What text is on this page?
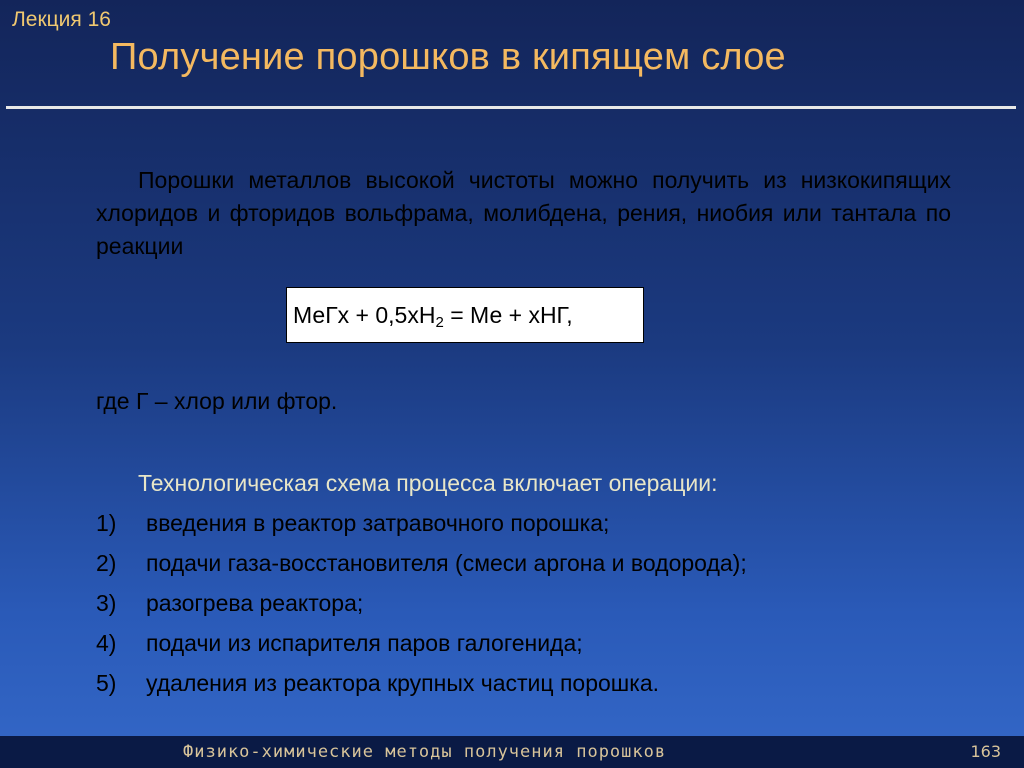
Лекция 16
Получение порошков в кипящем слое
Порошки металлов высокой чистоты можно получить из низкокипящих хлоридов и фторидов вольфрама, молибдена, рения, ниобия или тантала по реакции
МеГх + $0,5хН_2$ = Ме + хНГ,
где Г – хлор или фтор.
Технологическая схема процесса включает операции:
1)	введения в реактор затравочного порошка;
2)	подачи газа-восстановителя (смеси аргона и водорода);
3)	разогрева реактора;
4)	подачи из испарителя паров галогенида;
5)	удаления из реактора крупных частиц порошка.
Физико-химические методы получения порошков	163
